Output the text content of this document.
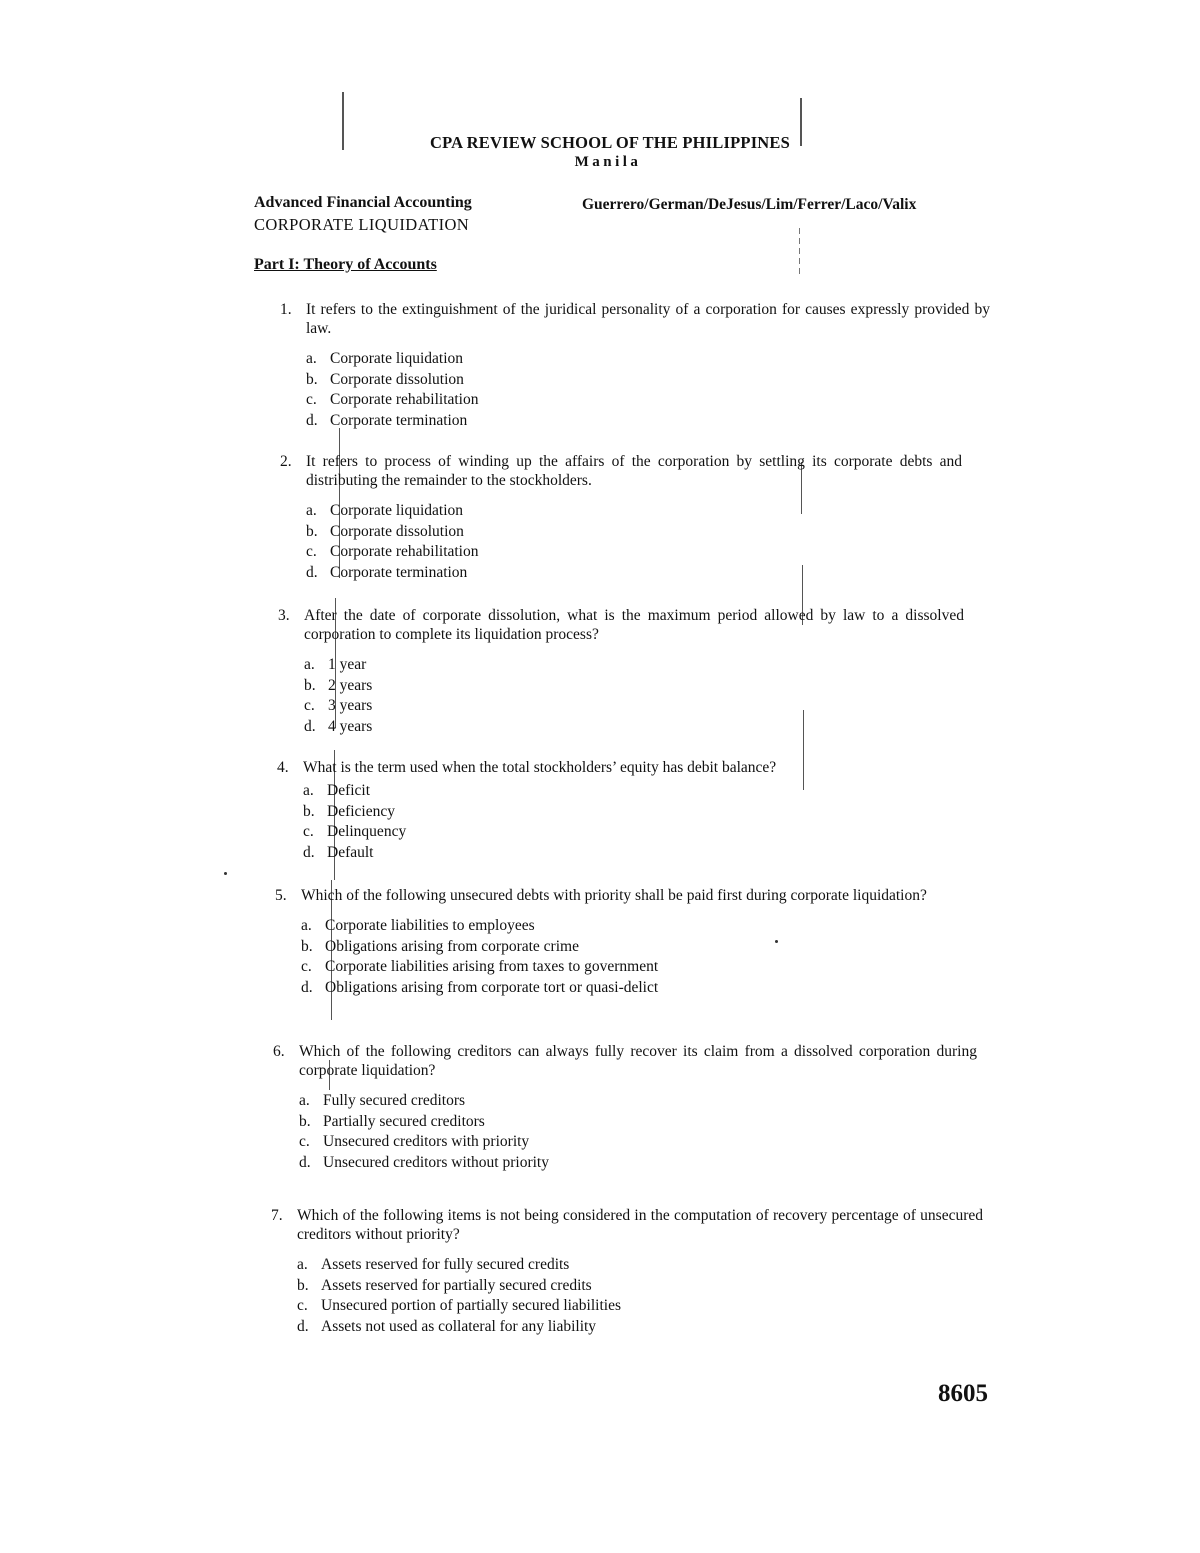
CPA REVIEW SCHOOL OF THE PHILIPPINES
Manila
Advanced Financial Accounting
CORPORATE LIQUIDATION
Guerrero/German/DeJesus/Lim/Ferrer/Laco/Valix
Part I: Theory of Accounts
1. It refers to the extinguishment of the juridical personality of a corporation for causes expressly provided by law.
a. Corporate liquidation
b. Corporate dissolution
c. Corporate rehabilitation
d. Corporate termination
2. It refers to process of winding up the affairs of the corporation by settling its corporate debts and distributing the remainder to the stockholders.
a. Corporate liquidation
b. Corporate dissolution
c. Corporate rehabilitation
d. Corporate termination
3. After the date of corporate dissolution, what is the maximum period allowed by law to a dissolved corporation to complete its liquidation process?
a. 1 year
b. 2 years
c. 3 years
d. 4 years
4. What is the term used when the total stockholders’ equity has debit balance?
a. Deficit
b. Deficiency
c. Delinquency
d. Default
5. Which of the following unsecured debts with priority shall be paid first during corporate liquidation?
a. Corporate liabilities to employees
b. Obligations arising from corporate crime
c. Corporate liabilities arising from taxes to government
d. Obligations arising from corporate tort or quasi-delict
6. Which of the following creditors can always fully recover its claim from a dissolved corporation during corporate liquidation?
a. Fully secured creditors
b. Partially secured creditors
c. Unsecured creditors with priority
d. Unsecured creditors without priority
7. Which of the following items is not being considered in the computation of recovery percentage of unsecured creditors without priority?
a. Assets reserved for fully secured credits
b. Assets reserved for partially secured credits
c. Unsecured portion of partially secured liabilities
d. Assets not used as collateral for any liability
8605
